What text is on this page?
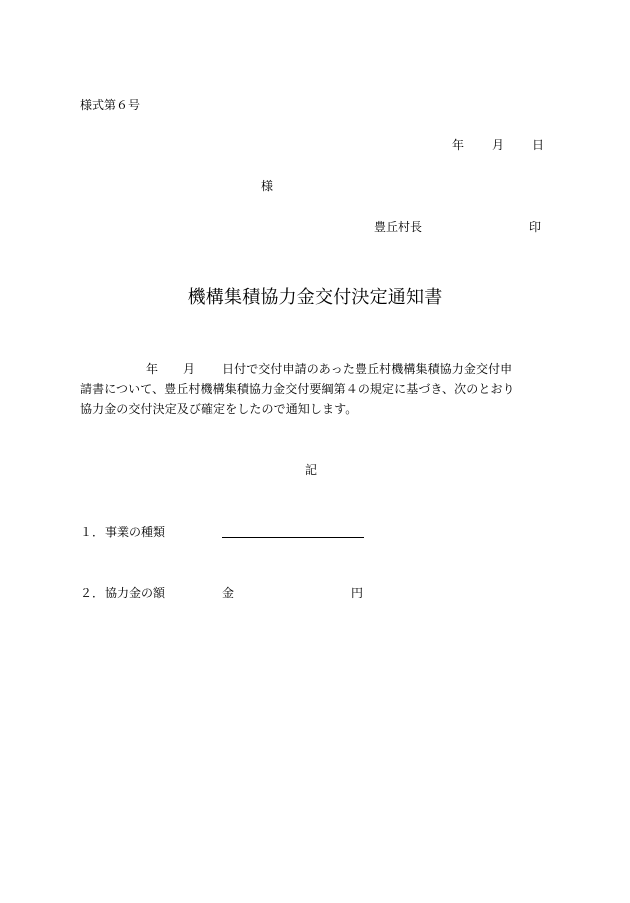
様式第６号
年 月 日
様
豊丘村長	印
機構集積協力金交付決定通知書
年 月 日付で交付申請のあった豊丘村機構集積協力金交付申
請書について、豊丘村機構集積協力金交付要綱第４の規定に基づき、次のとおり
協力金の交付決定及び確定をしたので通知します。
記
１． 事業の種類
２． 協力金の額	金	円
